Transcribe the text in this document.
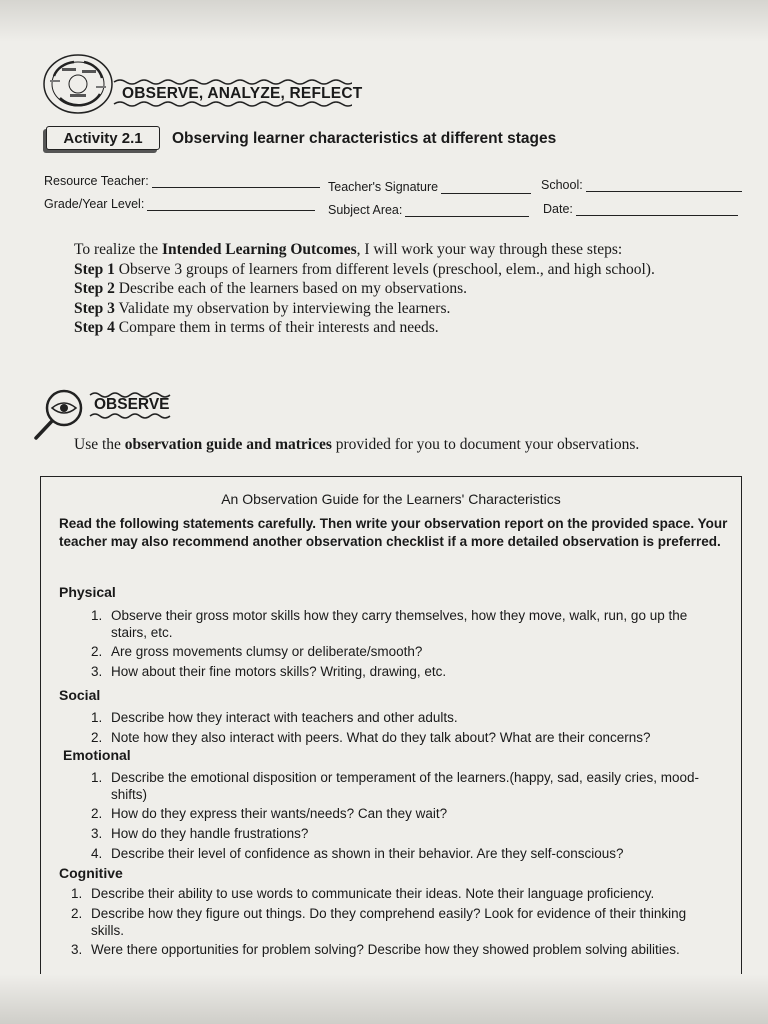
OBSERVE, ANALYZE, REFLECT
Activity 2.1	Observing learner characteristics at different stages
Resource Teacher:	Teacher's Signature	School:
Grade/Year Level:	Subject Area:	Date:
To realize the Intended Learning Outcomes, I will work your way through these steps:
Step 1 Observe 3 groups of learners from different levels (preschool, elem., and high school).
Step 2 Describe each of the learners based on my observations.
Step 3 Validate my observation by interviewing the learners.
Step 4 Compare them in terms of their interests and needs.
OBSERVE
Use the observation guide and matrices provided for you to document your observations.
An Observation Guide for the Learners' Characteristics
Read the following statements carefully. Then write your observation report on the provided space. Your teacher may also recommend another observation checklist if a more detailed observation is preferred.
Physical
1. Observe their gross motor skills how they carry themselves, how they move, walk, run, go up the stairs, etc.
2. Are gross movements clumsy or deliberate/smooth?
3. How about their fine motors skills? Writing, drawing, etc.
Social
1. Describe how they interact with teachers and other adults.
2. Note how they also interact with peers. What do they talk about? What are their concerns?
Emotional
1. Describe the emotional disposition or temperament of the learners.(happy, sad, easily cries, mood-shifts)
2. How do they express their wants/needs? Can they wait?
3. How do they handle frustrations?
4. Describe their level of confidence as shown in their behavior. Are they self-conscious?
Cognitive
1. Describe their ability to use words to communicate their ideas. Note their language proficiency.
2. Describe how they figure out things. Do they comprehend easily? Look for evidence of their thinking skills.
3. Were there opportunities for problem solving? Describe how they showed problem solving abilities.
